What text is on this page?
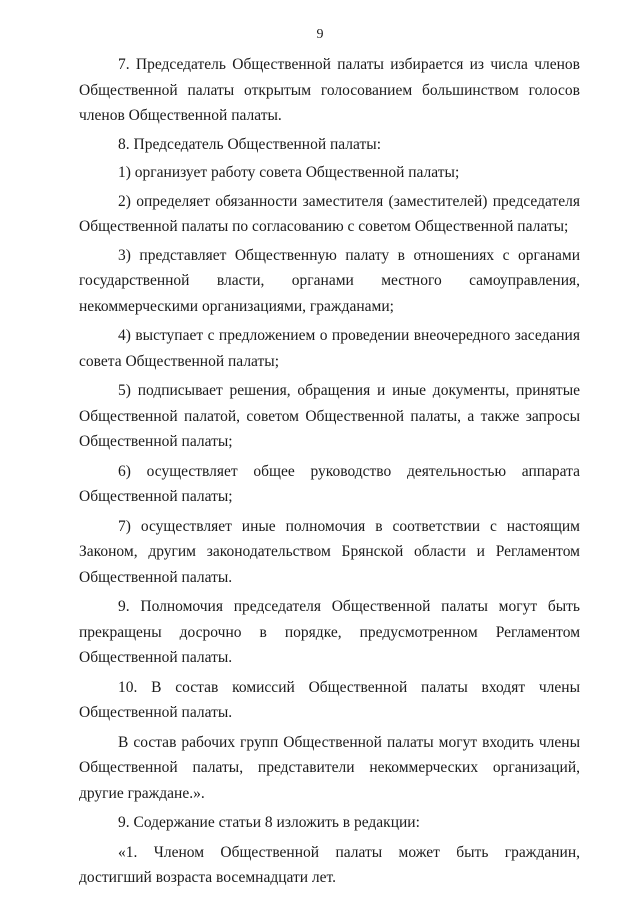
9

7. Председатель Общественной палаты избирается из числа членов Общественной палаты открытым голосованием большинством голосов членов Общественной палаты.

8. Председатель Общественной палаты:

1) организует работу совета Общественной палаты;

2) определяет обязанности заместителя (заместителей) председателя Общественной палаты по согласованию с советом Общественной палаты;

3) представляет Общественную палату в отношениях с органами государственной власти, органами местного самоуправления, некоммерческими организациями, гражданами;

4) выступает с предложением о проведении внеочередного заседания совета Общественной палаты;

5) подписывает решения, обращения и иные документы, принятые Общественной палатой, советом Общественной палаты, а также запросы Общественной палаты;

6) осуществляет общее руководство деятельностью аппарата Общественной палаты;

7) осуществляет иные полномочия в соответствии с настоящим Законом, другим законодательством Брянской области и Регламентом Общественной палаты.

9. Полномочия председателя Общественной палаты могут быть прекращены досрочно в порядке, предусмотренном Регламентом Общественной палаты.

10. В состав комиссий Общественной палаты входят члены Общественной палаты.

В состав рабочих групп Общественной палаты могут входить члены Общественной палаты, представители некоммерческих организаций, другие граждане.».

9. Содержание статьи 8 изложить в редакции:

«1. Членом Общественной палаты может быть гражданин, достигший возраста восемнадцати лет.
